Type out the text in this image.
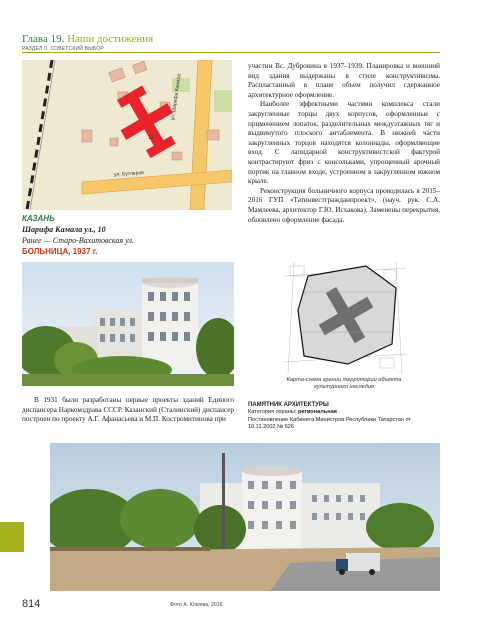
Глава 19. Наши достижения
РАЗДЕЛ II. СОВЕТСКИЙ ВЫБОР
12
ул. Шарифа Камала
ул. Бутлеров
КАЗАНЬ
Шарифа Камала ул., 10
Ранее — Старо-Вахитовская ул.
БОЛЬНИЦА, 1937 г.

В 1931 были разработаны первые проекты зданий Единого диспансера Наркомздрава СССР. Казанский (Сталинский) диспансер построен по проекту А.Г. Афанасьева и М.П. Костромитинова при

участии Вс. Дубровина в 1937–1939. Планировка и внешний вид здания выдержаны в стиле конструктивизма. Распластанный в плане объем получил сдержанное архитектурное оформление.

Наиболее эффектными частями комплекса стали закругленные торцы двух корпусов, оформленные с применением лопаток, разделительных междуэтажных тяг и выдвинутого плоского антаблемента. В нижней части закругленных торцов находятся колоннады, оформляющие вход. С лапидарной конструктивистской фактурой контрастируют фриз с консольками, упрощенный арочный портик на главном входе, устроенном в закругленном южном крыле.

Реконструкция больничного корпуса проводилась в 2015–2016 ГУП «Татинвестгражданпроект», (науч. рук. С.А. Мамлеева, архитектор Г.Ю. Исхакова). Заменены перекрытия, обновлено оформление фасада.

Карта-схема границ территории объекта культурного наследия
ПАМЯТНИК АРХИТЕКТУРЫ
Категория охраны: региональная
Постановление Кабинета Министров Республики Татарстан от 10.11.2002 № 626
814	Фото А. Клюева, 2016
